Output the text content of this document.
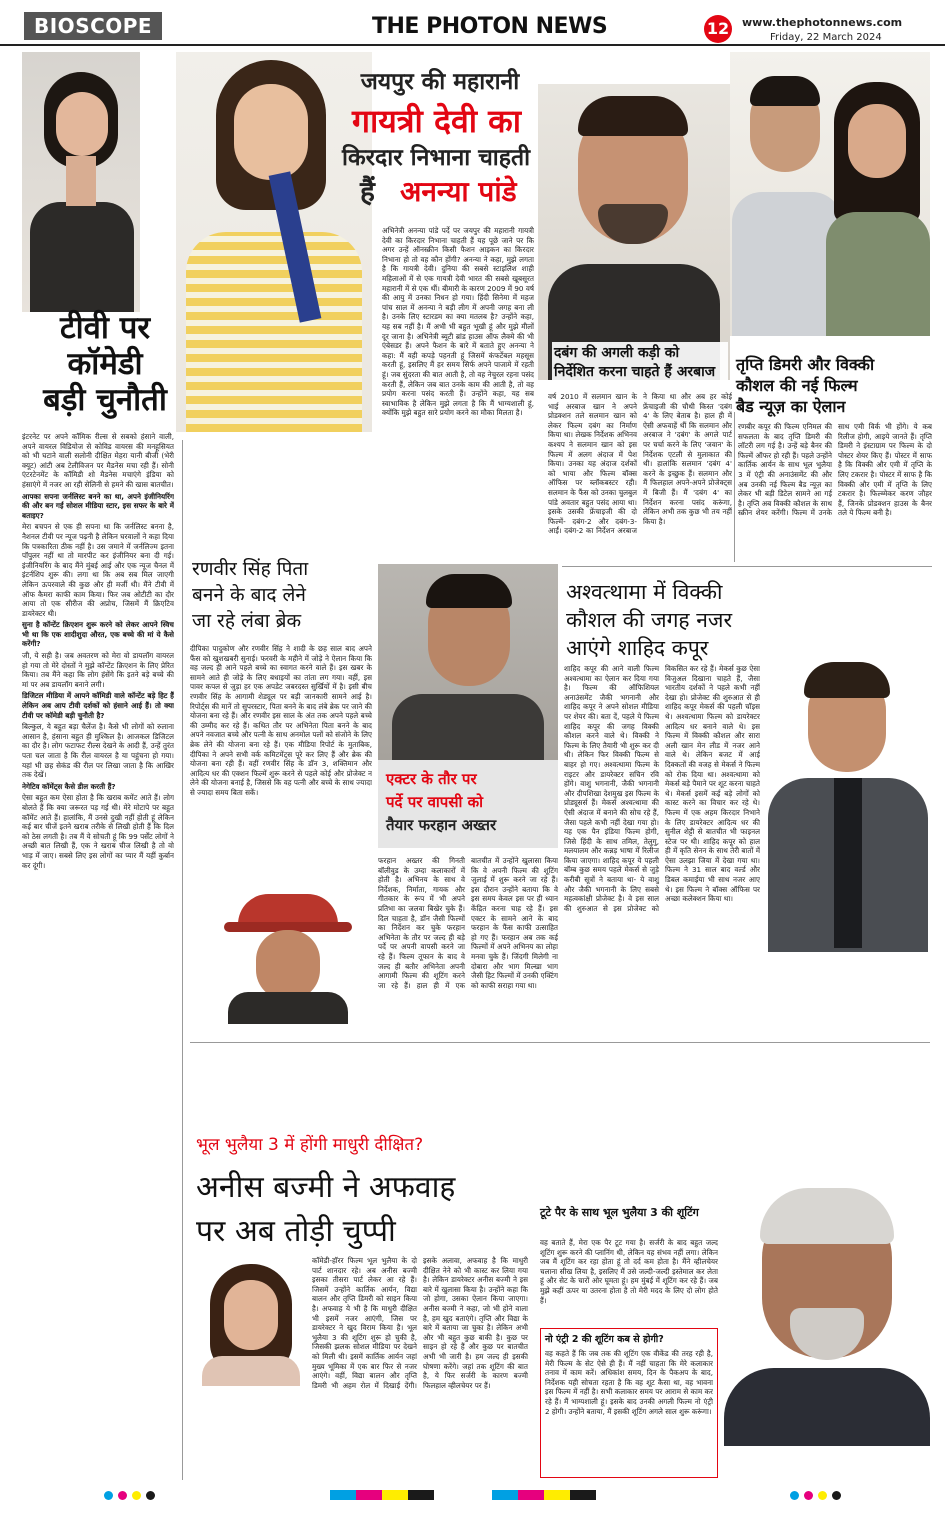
BIOSCOPE	THE PHOTON NEWS	12 www.thephotonnews.com
Friday, 22 March 2024
जयपुर की महारानी
गायत्री देवी का
किरदार निभाना चाहती
हैं अनन्या पांडे
अभिनेत्री अनन्या पांडे पर्दे पर जयपुर की महारानी गायत्री देवी का किरदार निभाना चाहती हैं यह पूछे जाने पर कि अगर उन्हें ऑनस्क्रीन किसी फैशन आइकन का किरदार निभाना हो तो वह कौन होंगी? अनन्या ने कहा, मुझे लगता है कि गायत्री देवी। दुनिया की सबसे स्टाइलिश शाही महिलाओं में से एक गायत्री देवी भारत की सबसे खूबसूरत महारानी में से एक थीं। बीमारी के कारण 2009 में 90 वर्ष की आयु में उनका निधन हो गया। हिंदी सिनेमा में महज पांच साल में अनन्या ने बड़ी लीग में अपनी जगह बना ली है। उनके लिए स्टारडम का क्या मतलब है? उन्होंने कहा, यह सब नहीं है। मैं अभी भी बहुत भूखी हूं और मुझे मीलों दूर जाना है। अभिनेत्री ब्यूटी ब्रांड हाउस ऑफ लैक्मे की भी एंबेसडर हैं। अपने फैशन के बारे में बताते हुए अनन्या ने कहा: मैं वही कपड़े पहनती हूं जिसमें कंफर्टेबल महसूस करती हूं, इसलिए मैं हर समय सिर्फ अपने पाजामे में रहती हूं। जब सुंदरता की बात आती है, तो वह नेचुरल रहना पसंद करती हैं, लेकिन जब बात उनके काम की आती है, तो वह प्रयोग करना पसंद करती हैं। उन्होंने कहा, यह सब स्वाभाविक है लेकिन मुझे लगता है कि मैं भाग्यशाली हूं, क्योंकि मुझे बहुत सारे प्रयोग करने का मौका मिलता है।
टीवी पर
कॉमेडी
बड़ी चुनौती

इंटरनेट पर अपने कॉमिक रील्स से सबको हंसाने वाली, अपने वायरल विडियोज से कोविड वायरस की मनहूसियत को भी घटाने वाली सलोनी दीक्षित मेहरा यानी बीजी (भेरी क्यूट) आंटी अब टेलीविजन पर मैडनेस मचा रही हैं। सोनी एंटरटेनमेंट के कॉमिडी शो मैडनेस मचाएंगे इंडिया को हंसाएंगे में नजर आ रही सेलिनी से हमने की खास बातचीत।

आपका सपना जर्नलिस्ट बनने का था, अपने इंजीनियरिंग की और बन गईं सोशल मीडिया स्टार, इस सफर के बारे में बताइए?

मेरा बचपन से एक ही सपना था कि जर्नलिस्ट बनना है, नैशनल टीवी पर न्यूज पढ़नी है लेकिन घरवालों ने कहा दिया कि पत्रकारिता ठीक नहीं है। उस जमाने में जर्नलिज्म इतना पॉपुलर नहीं था तो मारपीट कर इंजीनियर बना दी गई। इंजीनियरिंग के बाद मैंने मुंबई आई और एक न्यूज चैनल में इंटर्नशिप शुरू की। लगा था कि अब सब मिल जाएगी लेकिन ऊपरवाले की कुछ और ही मर्जी थी। मैंने टीवी में ऑफ कैमरा काफी काम किया। फिर जब ओटीटी का दौर आया तो एक सीरीज की अप्रोच, जिसमें मैं क्रिएटिव डायरेक्टर थी।

सुना है कॉन्टेंट क्रिएशन शुरू करने को लेकर आपने स्विच भी था कि एक शादीशुदा औरत, एक बच्चे की मां ये कैसे करेंगी?

जी, ये सही है। जब अवतरण को मेरा वो डायलॉग वायरल हो गया तो मेरे दोस्तों ने मुझे कॉन्टेंट क्रिएशन के लिए प्रेरित किया। तब मैंने कहा कि लोग हंसेंगे कि इतने बड़े बच्चे की मां पर अब डायलॉग बनाने लगी।

डिजिटल मीडिया में आपने कॉमिडी वाले कॉन्टेंट बड़े हिट हैं लेकिन अब आप टीवी दर्शकों को हंसाने आई हैं। तो क्या टीवी पर कॉमेडी बड़ी चुनौती है?

बिल्कुल, ये बहुत बड़ा चैलेंज है। कैसे भी लोगों को रुलाना आसान है, हंसाना बहुत ही मुश्किल है। आजकल डिजिटल का दौर है। लोग फटाफट रील्स देखने के आदी हैं, उन्हें तुरंत पता चल जाता है कि रील वायरल है या पहुंचना हो गया। यहां भी छह सेकंड की रील पर लिखा जाता है कि आखिर तक देखें।

नेगेटिव कॉमेंट्स कैसे डील करती हैं?

ऐसा बहुत कम ऐसा होता है कि खराब कमेंट आते हैं। लोग बोलते हैं कि क्या जरूरत पड़ गई थी। मेरे मोटापे पर बहुत कॉमेंट आते हैं। हालांकि, मैं उनसे दुखी नहीं होती हूं लेकिन कई बार चीजें इतने खराब तरीके से लिखी होती हैं कि दिल को ठेस लगती है। तब मैं ये सोचती हूं कि 99 पर्सेंट लोगों ने अच्छी बात लिखी हैं, एक ने खराब चीज लिखी है तो वो भाड़ में जाए। सबसे लिए इस लोगों का प्यार मैं यहीं कुर्बान कर दूंगी।

दबंग की अगली कड़ी को
निर्देशित करना चाहते हैं अरबाज
वर्ष 2010 में सलमान खान के भाई अरबाज खान ने अपने प्रोडक्शन तले सलमान खान को लेकर फिल्म दबंग का निर्माण किया था। लेखक निर्देशक अभिनव कश्यप ने सलमान खान को इस फिल्म में अलग अंदाज में पेश किया। उनका यह अंदाज दर्शकों को भाया और फिल्म बॉक्स ऑफिस पर ब्लॉकबस्टर रही। सलमान के फैंस को उनका चुलबुल पांडे अवतार बहुत पसंद आया था। इसके उसकी फ्रेंचाइजी की दो फिल्में- दबंग-2 और दबंग-3-आईं। दबंग-2 का निर्देशन अरबाज ने किया था और अब हर कोई फ्रेंचाइजी की चौथी किस्त 'दबंग 4' के लिए बेताब है। हाल ही में ऐसी अफवाहें थीं कि सलमान और अरबाज ने 'दबंग' के अगले पार्ट पर चर्चा करने के लिए 'जवान' के निर्देशक एटली से मुलाकात की थी। हालांकि सलमान 'दबंग 4' करने के इच्छुक हैं। सलमान और मैं फिलहाल अपने-अपने प्रोजेक्ट्स में बिजी हैं। मैं 'दबंग 4' का निर्देशन करना पसंद करूंगा, लेकिन अभी तक कुछ भी तय नहीं किया है।
तृप्ति डिमरी और विक्की
कौशल की नई फिल्म
बैड न्यूज़ का ऐलान
रणबीर कपूर की फिल्म एनिमल की सफलता के बाद तृप्ति डिमरी की लॉटरी लग गई है। उन्हें बड़े बैनर की फिल्में ऑफर हो रही हैं। पहले उन्होंने कार्तिक आर्यन के साथ भूल भुलैया 3 में एंट्री की अनाउंसमेंट की और अब उनकी नई फिल्म बैड न्यूज़ का लेकर भी बड़ी डिटेल सामने आ गई है। तृप्ति अब विक्की कौशल के साथ स्क्रीन शेयर करेंगी। फिल्म में उनके साथ एमी विर्क भी होंगे। ये कब रिलीज होगी, आइये जानते हैं। तृप्ति डिमरी ने इंस्टाग्राम पर फिल्म के दो पोस्टर शेयर किए हैं। पोस्टर में साफ है कि विक्की और एमी में तृप्ति के लिए टकरार है। पोस्टर में साफ है कि विक्की और एमी में तृप्ति के लिए टकरार है। फिल्म्मेकर करण जौहर हैं, जिनके प्रोडक्शन हाउस के बैनर तले ये फिल्म बनी है।
रणवीर सिंह पिता
बनने के बाद लेने
जा रहे लंबा ब्रेक
दीपिका पादुकोण और रणवीर सिंह ने शादी के छह साल बाद अपने फैंस को खुशखबरी सुनाई। फरवरी के महीने में जोड़े ने ऐलान किया कि वह जल्द ही आने पहले बच्चे का स्वागत करने वाले हैं। इस खबर के सामने आते ही जोड़े के लिए बधाइयों का तांता लग गया। वहीं, इस पावर कपल से जुड़ा हर एक अपडेट जबरदस्त सुर्खियों में है। इसी बीच रणवीर सिंह के आगामी शेड्यूल पर बड़ी जानकारी सामने आई है। रिपोर्ट्स की मानें तो सुपरस्टार, पिता बनने के बाद लंबे ब्रेक पर जाने की योजना बना रहे हैं। और रणवीर इस साल के अंत तक अपने पहले बच्चे की उम्मीद कर रहे हैं। कथित तौर पर अभिनेता पिता बनने के बाद अपने नवजात बच्चे और पत्नी के साथ अनमोल पलों को संजोने के लिए ब्रेक लेने की योजना बना रहे हैं। एक मीडिया रिपोर्ट के मुताबिक, दीपिका ने अपने सभी वर्क कमिटमेंट्स पूरे कर लिए हैं और ब्रेक की योजना बना रही हैं। वहीं रणवीर सिंह के डॉन 3, शक्तिमान और आदित्य धर की एक्शन फिल्में शुरू करने से पहले कोई और प्रोजेक्ट न लेने की योजना बनाई है, जिससे कि वह पत्नी और बच्चे के साथ ज्यादा से ज्यादा समय बिता सकें।
एक्टर के तौर पर
पर्दे पर वापसी को
तैयार फरहान अख्तर
फरहान अख्तर की गिनती बॉलीवुड के उम्दा कलाकारों में होती है। अभिनय के साथ वे निर्देशक, निर्माता, गायक और गीतकार के रूप में भी अपने प्रतिभा का जलवा बिखेर चुके हैं। दिल चाहता है, डॉन जैसी फिल्मों का निर्देशन कर चुके फरहान अभिनेता के तौर पर जल्द ही बड़े पर्दे पर अपनी वापसी करने जा रहे हैं। फिल्म तूफान के बाद वे जल्द ही बतौर अभिनेता अपनी आगामी फिल्म की शूटिंग करने जा रहे हैं। हाल ही में एक बातचीत में उन्होंने खुलासा किया कि वे अपनी फिल्म की शूटिंग जुलाई में शुरू करने जा रहे हैं। इस दौरान उन्होंने बताया कि वे इस समय केवल इस पर ही ध्यान केंद्रित करना चाह रहे हैं। इस एक्टर के सामने आने के बाद फरहान के फैंस काफी उत्साहित हो गए हैं। फरहान अब तक कई फिल्मों में अपने अभिनय का लोहा मनवा चुके हैं। जिंदगी मिलेगी ना दोबारा और भाग मिल्खा भाग जैसी हिट फिल्मों में उनकी एक्टिंग को काफी सराहा गया था।
अश्वत्थामा में विक्की
कौशल की जगह नजर
आएंगे शाहिद कपूर
शाहिद कपूर की आने वाली फिल्म अश्वत्थामा का ऐलान कर दिया गया है। फिल्म की ऑफिशियल अनाउंसमेंट जैकी भगनानी और शाहिद कपूर ने अपने सोशल मीडिया पर शेयर की। बता दें, पहले ये फिल्म शाहिद कपूर की जगह विक्की कौशल करने वाले थे। विक्की ने फिल्म के लिए तैयारी भी शुरू कर दी थी। लेकिन फिर विक्की फिल्म से बाहर हो गए। अश्वत्थामा फिल्म के राइटर और डायरेक्टर सचिन रवि होंगे। वाशु भगनानी, जैकी भगनानी और दीपशिखा देशमुख इस फिल्म के प्रोड्यूसर्स हैं। मेकर्स अश्वत्थामा की ऐसी अंदाज में बनाने की सोच रहे हैं, जैसा पहले कभी नहीं देखा गया हो। यह एक पैन इंडिया फिल्म होगी, जिसे हिंदी के साथ तमिल, तेलुगु, मलयालम और कन्नड़ भाषा में रिलीज किया जाएगा। शाहिद कपूर ये पहली बॉम्ब कुछ समय पहले मेकर्स से जुड़े करीबी सूत्रों ने बताया था- ये वाशु और जैकी भगनानी के लिए सबसे महत्वकांक्षी प्रोजेक्ट है। वे इस साल की शुरुआत से इस प्रोजेक्ट को विकसित कर रहे हैं। मेकर्स कुछ ऐसा विजुअल दिखाना चाहते हैं, जैसा भारतीय दर्शकों ने पहले कभी नहीं देखा हो। प्रोजेक्ट की शुरुआत से ही शाहिद कपूर मेकर्स की पहली चॉइस थे। अश्वत्थामा फिल्म को डायरेक्टर आदित्य धर बनाने वाले थे। इस फिल्म में विक्की कौशल और सारा अली खान मेन लीड में नजर आने वाले थे। लेकिन बजट में आई दिक्कतों की वजह से मेकर्स ने फिल्म को रोक दिया था। अश्वत्थामा को मेकर्स बड़े पैमाने पर शूट करना चाहते थे। मेकर्स इसमें कई बड़े लोगों को कास्ट करने का विचार कर रहे थे। फिल्म में एक अहम किरदार निभाने के लिए डायरेक्टर आदित्य धर की सुनील शेट्टी से बातचीत भी फाइनल स्टेज पर थी। शाहिद कपूर को हाल ही में कृति सेनन के साथ तेरी बातों में ऐसा उलझा जिया में देखा गया था। फिल्म ने 31 साल बाद वर्ल्ड और डिबल कमाईया भी साथ नजर आए थे। इस फिल्म ने बॉक्स ऑफिस पर अच्छा कलेक्शन किया था।
भूल भुलैया 3 में होंगी माधुरी दीक्षित?
अनीस बज्मी ने अफवाह
पर अब तोड़ी चुप्पी
कॉमेडी-हॉरर फिल्म भूल भुलैया के दो पार्ट शानदार रहे। अब अनीस बज्मी इसका तीसरा पार्ट लेकर आ रहे हैं। जिसमें उन्होंने कार्तिक आर्यन, विद्या बालन और तृप्ति डिमरी को साइन किया है। अफवाह ये भी है कि माधुरी दीक्षित भी इसमें नजर आएंगी, जिस पर डायरेक्टर ने खुद विराम किया है। भूल भुलैया 3 की शूटिंग शुरू हो चुकी है, जिसकी झलक सोशल मीडिया पर देखने को मिली थी। इसमें कार्तिक आर्यन जहां मुख्य भूमिका में एक बार फिर से नजर आएंगे। वहीं, विद्या बालन और तृप्ति डिमरी भी अहम रोल में दिखाई देंगी। इसके अलावा, अफवाह है कि माधुरी दीक्षित नेने को भी कास्ट कर लिया गया है। लेकिन डायरेक्टर अनीस बज्मी ने इस बारे में खुलासा किया है। उन्होंने कहा कि जो होगा, उसका ऐलान किया जाएगा। अनीस बज्मी ने कहा, जो भी होने वाला है, हम खुद बताएंगे। तृप्ति और विद्या के बारे में बताया जा चुका है। लेकिन अभी और भी बहुत कुछ बाकी है। कुछ पर साइन हो रहे हैं और कुछ पर बातचीत अभी भी जारी है। हम जल्द ही इसकी घोषणा करेंगे। जहां तक शूटिंग की बात है, ये फिर सर्जरी के कारण बज्मी फिलहाल व्हीलचेयर पर हैं।
टूटे पैर के साथ भूल भुलैया 3 की शूटिंग
वह बताते हैं, मेरा एक पैर टूट गया है। सर्जरी के बाद बहुत जल्द शूटिंग शुरू करने की प्लानिंग थी, लेकिन यह संभव नहीं लगा। लेकिन जब मैं शूटिंग कर रहा होता हूं तो दर्द कम होता है। मैंने व्हीलचेयर चलाना सीख लिया है, इसलिए मैं उसे जल्दी-जल्दी इस्तेमाल कर लेता हूं और सेट के चारों ओर घूमता हूं। हम मुंबई में शूटिंग कर रहे हैं। जब मुझे कहीं ऊपर या उतरना होता है तो मेरी मदद के लिए दो लोग होते हैं।
नो एंट्री 2 की शूटिंग कब से होगी?
वह कहते हैं कि जब तक की शूटिंग एक वीकेंड की तरह रही है, मेरी फिल्म के सेट ऐसे ही हैं। मैं नहीं चाहता कि मेरे कलाकार तनाव में काम करें। अधिकांश समय, दिन के पैकअप के बाद, निर्देशक यही सोचता रहता है कि वह शूट कैसा था, वह भावना इस फिल्म में नहीं है। सभी कलाकार समय पर आराम से काम कर रहे हैं। मैं भाग्यशाली हूं। इसके बाद उनकी अगली फिल्म नो एंट्री 2 होगी। उन्होंने बताया, मैं इसकी शूटिंग अगले साल शुरू करूंगा।
